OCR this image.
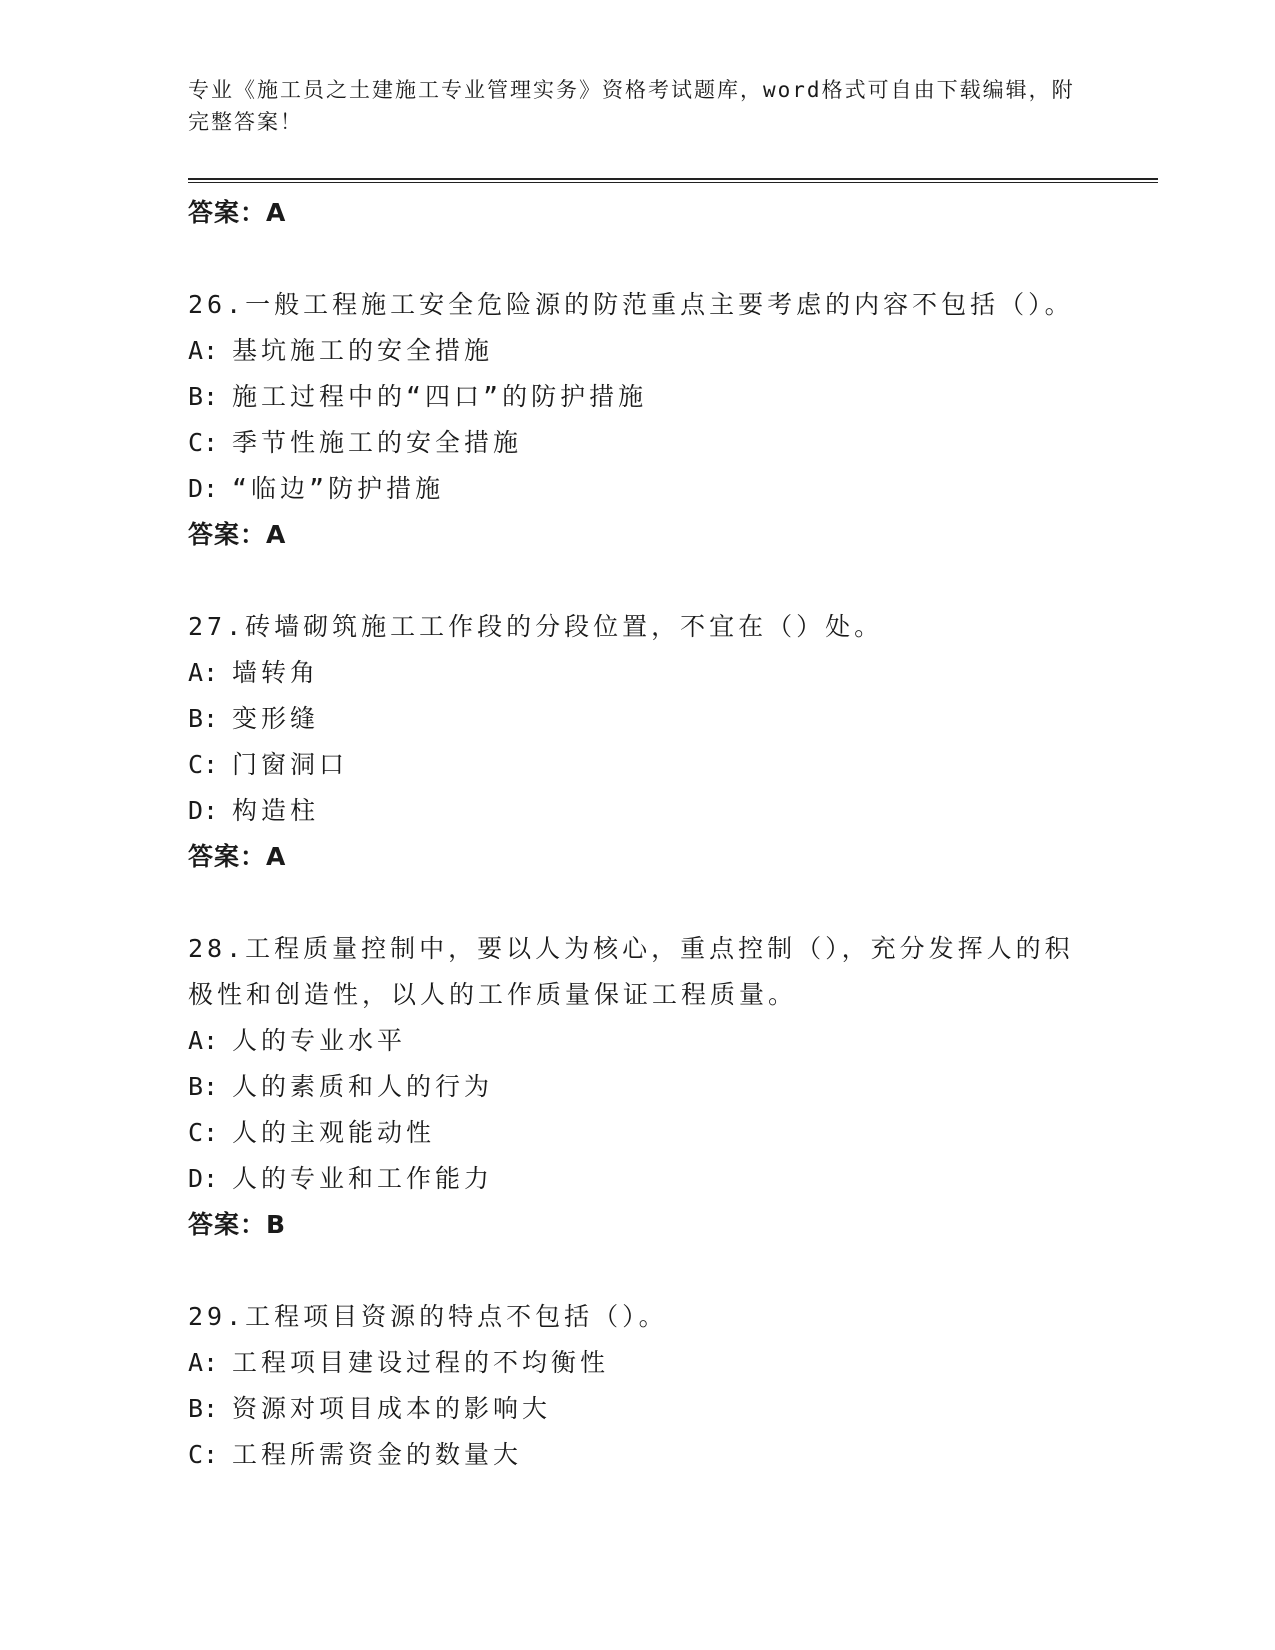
专业《施工员之土建施工专业管理实务》资格考试题库，word格式可自由下载编辑，附完整答案！
答案：A
26.一般工程施工安全危险源的防范重点主要考虑的内容不包括（）。
A: 基坑施工的安全措施
B: 施工过程中的“四口”的防护措施
C: 季节性施工的安全措施
D: “临边”防护措施
答案：A
27.砖墙砌筑施工工作段的分段位置，不宜在（）处。
A: 墙转角
B: 变形缝
C: 门窗洞口
D: 构造柱
答案：A
28.工程质量控制中，要以人为核心，重点控制（），充分发挥人的积极性和创造性，以人的工作质量保证工程质量。
A: 人的专业水平
B: 人的素质和人的行为
C: 人的主观能动性
D: 人的专业和工作能力
答案：B
29.工程项目资源的特点不包括（）。
A: 工程项目建设过程的不均衡性
B: 资源对项目成本的影响大
C: 工程所需资金的数量大
